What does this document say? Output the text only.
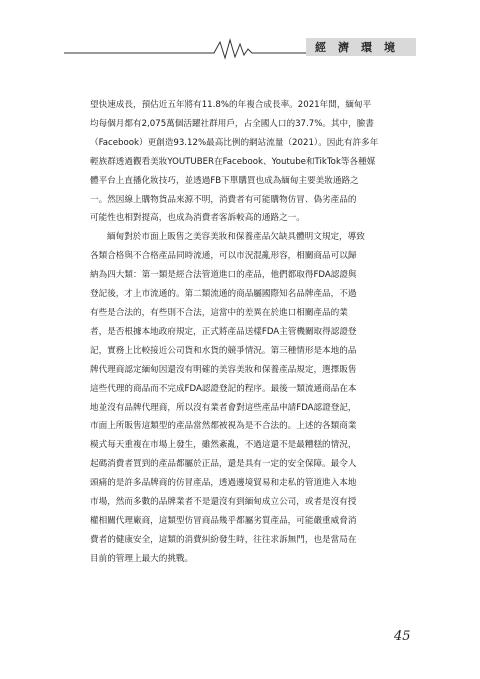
經濟環境
望快速成長，預估近五年將有11.8%的年複合成長率。2021年間，緬甸平
均每個月都有2,075萬個活躍社群用戶，占全國人口的37.7%。其中，臉書
（Facebook）更創造93.12%最高比例的網站流量（2021）。因此有許多年
輕族群透過觀看美妝YOUTUBER在Facebook、Youtube和TikTok等各種媒
體平台上直播化妝技巧，並透過FB下單購買也成為緬甸主要美妝通路之
一。然因線上購物貨品來源不明，消費者有可能購物仿冒、偽劣產品的
可能性也相對提高，也成為消費者客訴較高的通路之一。
緬甸對於市面上販售之美容美妝和保養產品欠缺具體明文規定，導致
各類合格與不合格產品同時流通，可以市況混亂形容，相關商品可以歸
納為四大類：第一類是經合法管道進口的產品，他們都取得FDA認證與
登記後，才上市流通的。第二類流通的商品屬國際知名品牌產品，不過
有些是合法的，有些則不合法，這當中的差異在於進口相關產品的業
者，是否根據本地政府規定，正式將產品送樣FDA主管機關取得認證登
記，實務上比較接近公司貨和水貨的競爭情況。第三種情形是本地的品
牌代理商認定緬甸因還沒有明確的美容美妝和保養產品規定，選擇販售
這些代理的商品而不完成FDA認證登記的程序。最後一類流通商品在本
地並沒有品牌代理商，所以沒有業者會對這些產品申請FDA認證登記，
市面上所販售這類型的產品當然都被視為是不合法的。上述的各類商業
模式每天重複在市場上發生，雖然紊亂，不過這還不是最糟糕的情況，
起碼消費者買到的產品都屬於正品，還是具有一定的安全保障。最令人
頭痛的是許多品牌商的仿冒產品，透過邊境貿易和走私的管道進入本地
市場，然而多數的品牌業者不是還沒有到緬甸成立公司，或者是沒有授
權相關代理廠商，這類型仿冒商品幾乎都屬劣質產品，可能嚴重威脅消
費者的健康安全，這類的消費糾紛發生時，往往求訴無門，也是當局在
目前的管理上最大的挑戰。
45
